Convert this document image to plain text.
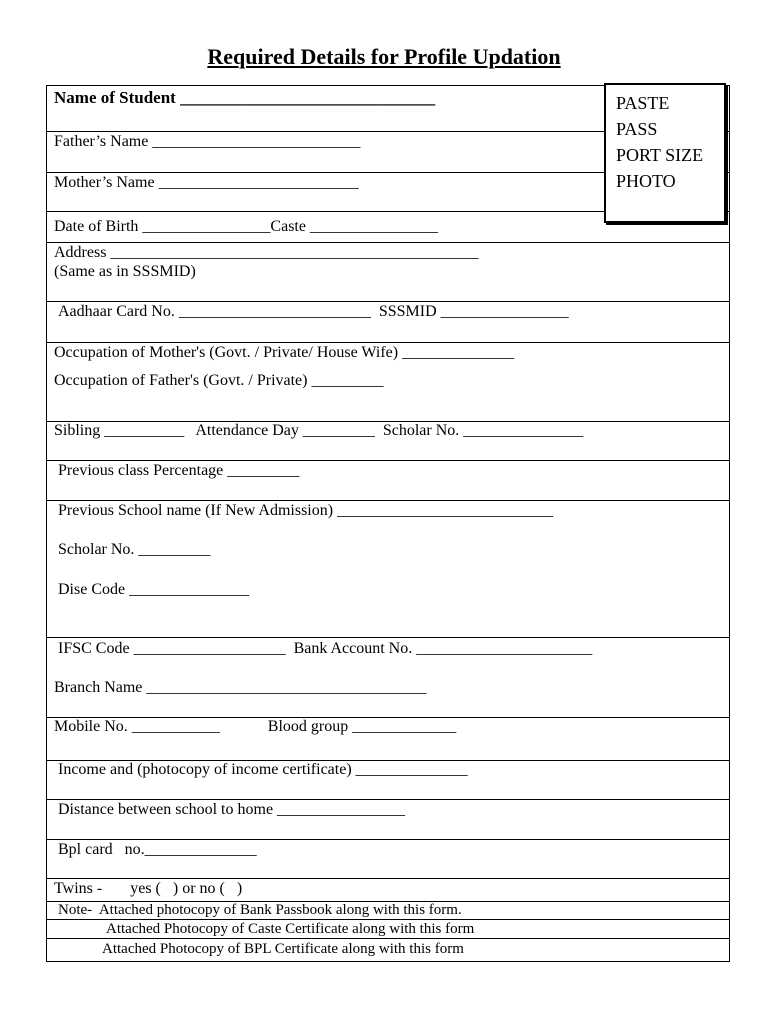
Required Details for Profile Updation
Name of Student ______________________________
Father’s Name __________________________
Mother’s Name _________________________
Date of Birth ________________Caste ________________
Address ______________________________________________
(Same as in SSSMID)
Aadhaar Card No. ________________________  SSSMID ________________
Occupation of Mother's (Govt. / Private/ House Wife) ______________
Occupation of Father's (Govt. / Private) _________
Sibling __________   Attendance Day _________  Scholar No. _______________
Previous class Percentage _________
Previous School name (If New Admission) ___________________________
Scholar No. _________
Dise Code _______________
IFSC Code ___________________  Bank Account No. ______________________
Branch Name ___________________________________
Mobile No. ___________            Blood group _____________
Income and (photocopy of income certificate) ______________
Distance between school to home ________________
Bpl card   no.______________
Twins -       yes (   ) or no (   )
Note-  Attached photocopy of Bank Passbook along with this form.
Attached Photocopy of Caste Certificate along with this form
Attached Photocopy of BPL Certificate along with this form
PASTE
PASS
PORT SIZE
PHOTO
